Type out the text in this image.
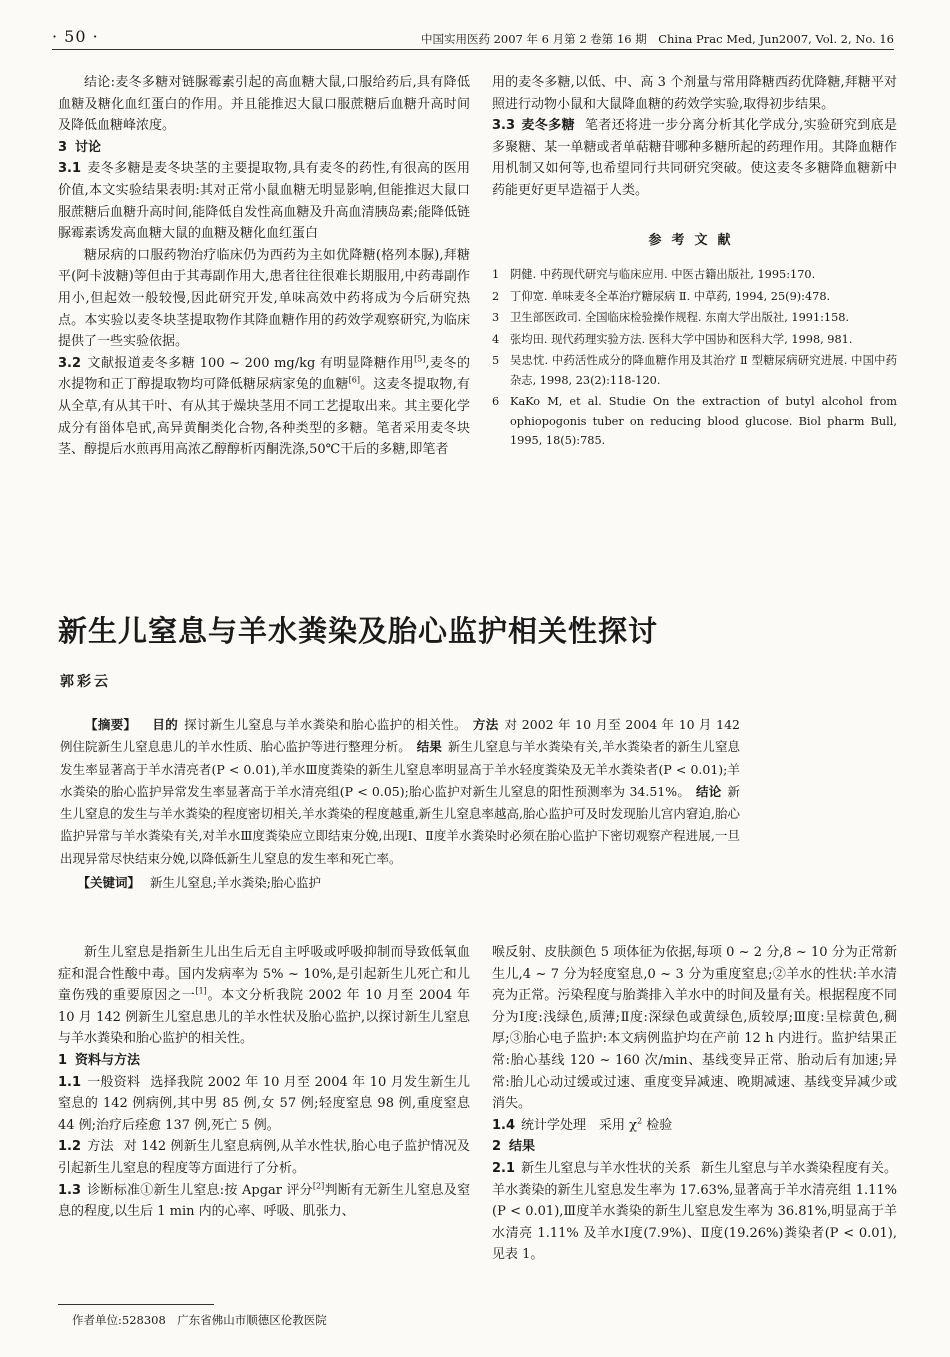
· 50 ·	中国实用医药 2007 年 6 月第 2 卷第 16 期　China Prac Med, Jun2007, Vol. 2, No. 16

结论:麦冬多糖对链脲霉素引起的高血糖大鼠,口服给药后,具有降低血糖及糖化血红蛋白的作用。并且能推迟大鼠口服蔗糖后血糖升高时间及降低血糖峰浓度。

3 讨论

3.1 麦冬多糖是麦冬块茎的主要提取物,具有麦冬的药性,有很高的医用价值,本文实验结果表明:其对正常小鼠血糖无明显影响,但能推迟大鼠口服蔗糖后血糖升高时间,能降低自发性高血糖及升高血清胰岛素;能降低链脲霉素诱发高血糖大鼠的血糖及糖化血红蛋白

糖尿病的口服药物治疗临床仍为西药为主如优降糖(格列本脲),拜糖平(阿卡波糖)等但由于其毒副作用大,患者往往很难长期服用,中药毒副作用小,但起效一般较慢,因此研究开发,单味高效中药将成为今后研究热点。本实验以麦冬块茎提取物作其降血糖作用的药效学观察研究,为临床提供了一些实验依据。

3.2 文献报道麦冬多糖 100 ~ 200 mg/kg 有明显降糖作用[5],麦冬的水提物和正丁醇提取物均可降低糖尿病家兔的血糖[6]。这麦冬提取物,有从全草,有从其干叶、有从其于燥块茎用不同工艺提取出来。其主要化学成分有甾体皂甙,高异黄酮类化合物,各种类型的多糖。笔者采用麦冬块茎、醇提后水煎再用高浓乙醇醇析丙酮洗涤,50℃干后的多糖,即笔者

用的麦冬多糖,以低、中、高 3 个剂量与常用降糖西药优降糖,拜糖平对照进行动物小鼠和大鼠降血糖的药效学实验,取得初步结果。

3.3 麦冬多糖 笔者还将进一步分离分析其化学成分,实验研究到底是多聚糖、某一单糖或者单萜糖苷哪种多糖所起的药理作用。其降血糖作用机制又如何等,也希望同行共同研究突破。使这麦冬多糖降血糖新中药能更好更早造福于人类。

参考文献
1 阴健. 中药现代研究与临床应用. 中医古籍出版社, 1995:170.
2 丁仰宽. 单味麦冬全革治疗糖尿病 Ⅱ. 中草药, 1994, 25(9):478.
3 卫生部医政司. 全国临床检验操作规程. 东南大学出版社, 1991:158.
4 张均田. 现代药理实验方法. 医科大学中国协和医科大学, 1998, 981.
5 吴忠忱. 中药活性成分的降血糖作用及其治疗 Ⅱ 型糖尿病研究进展. 中国中药杂志, 1998, 23(2):118-120.
6 KaKo M, et al. Studie On the extraction of butyl alcohol from ophiopogonis tuber on reducing blood glucose. Biol pharm Bull, 1995, 18(5):785.
新生儿窒息与羊水粪染及胎心监护相关性探讨
郭彩云

【摘要】 目的 探讨新生儿窒息与羊水粪染和胎心监护的相关性。 方法 对 2002 年 10 月至 2004 年 10 月 142 例住院新生儿窒息患儿的羊水性质、胎心监护等进行整理分析。 结果 新生儿窒息与羊水粪染有关,羊水粪染者的新生儿窒息发生率显著高于羊水清亮者(P < 0.01),羊水Ⅲ度粪染的新生儿窒息率明显高于羊水轻度粪染及无羊水粪染者(P < 0.01);羊水粪染的胎心监护异常发生率显著高于羊水清亮组(P < 0.05);胎心监护对新生儿窒息的阳性预测率为 34.51%。 结论 新生儿窒息的发生与羊水粪染的程度密切相关,羊水粪染的程度越重,新生儿窒息率越高,胎心监护可及时发现胎儿宫内窘迫,胎心监护异常与羊水粪染有关,对羊水Ⅲ度粪染应立即结束分娩,出现Ⅰ、Ⅱ度羊水粪染时必须在胎心监护下密切观察产程进展,一旦出现异常尽快结束分娩,以降低新生儿窒息的发生率和死亡率。

【关键词】 新生儿窒息;羊水粪染;胎心监护

新生儿窒息是指新生儿出生后无自主呼吸或呼吸抑制而导致低氧血症和混合性酸中毒。国内发病率为 5% ~ 10%,是引起新生儿死亡和儿童伤残的重要原因之一[1]。本文分析我院 2002 年 10 月至 2004 年 10 月 142 例新生儿窒息患儿的羊水性状及胎心监护,以探讨新生儿窒息与羊水粪染和胎心监护的相关性。

1 资料与方法

1.1 一般资料 选择我院 2002 年 10 月至 2004 年 10 月发生新生儿窒息的 142 例病例,其中男 85 例,女 57 例;轻度窒息 98 例,重度窒息 44 例;治疗后痊愈 137 例,死亡 5 例。

1.2 方法 对 142 例新生儿窒息病例,从羊水性状,胎心电子监护情况及引起新生儿窒息的程度等方面进行了分析。

1.3 诊断标准①新生儿窒息:按 Apgar 评分[2]判断有无新生儿窒息及窒息的程度,以生后 1 min 内的心率、呼吸、肌张力、

喉反射、皮肤颜色 5 项体征为依据,每项 0 ~ 2 分,8 ~ 10 分为正常新生儿,4 ~ 7 分为轻度窒息,0 ~ 3 分为重度窒息;②羊水的性状:羊水清亮为正常。污染程度与胎粪排入羊水中的时间及量有关。根据程度不同分为Ⅰ度:浅绿色,质薄;Ⅱ度:深绿色或黄绿色,质较厚;Ⅲ度:呈棕黄色,稠厚;③胎心电子监护:本文病例监护均在产前 12 h 内进行。监护结果正常:胎心基线 120 ~ 160 次/min、基线变异正常、胎动后有加速;异常:胎儿心动过缓或过速、重度变异减速、晚期减速、基线变异减少或消失。

1.4 统计学处理　采用 $\chi^2$ 检验

2 结果

2.1 新生儿窒息与羊水性状的关系 新生儿窒息与羊水粪染程度有关。羊水粪染的新生儿窒息发生率为 17.63%,显著高于羊水清亮组 1.11%(P < 0.01),Ⅲ度羊水粪染的新生儿窒息发生率为 36.81%,明显高于羊水清亮 1.11% 及羊水Ⅰ度(7.9%)、Ⅱ度(19.26%)粪染者(P < 0.01),见表 1。

作者单位:528308　广东省佛山市顺德区伦教医院
